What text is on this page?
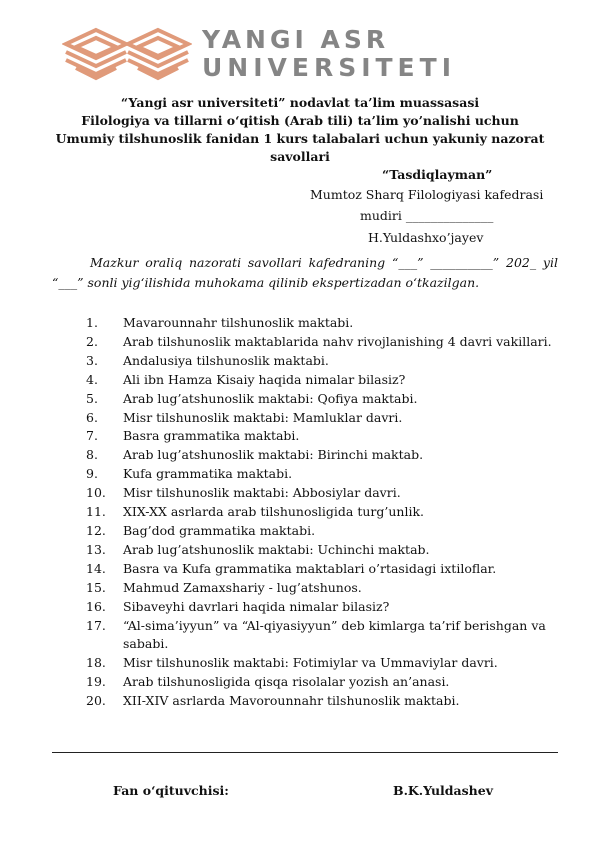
YANGI ASR
UNIVERSITETI
“Yangi asr universiteti” nodavlat ta’lim muassasasi
Filologiya va tillarni o‘qitish (Arab tili) ta’lim yo’nalishi uchun
Umumiy tilshunoslik fanidan 1 kurs talabalari uchun yakuniy nazorat
savollari
“Tasdiqlayman”
Mumtoz Sharq Filologiyasi kafedrasi
mudiri ______________
H.Yuldashxo’jayev
Mazkur oraliq nazorati savollari kafedraning “___” __________” 202_ yil “___” sonli yig‘ilishida muhokama qilinib ekspertizadan o‘tkazilgan.
1. Mavarounnahr tilshunoslik maktabi.
2. Arab tilshunoslik maktablarida nahv rivojlanishing 4 davri vakillari.
3. Andalusiya tilshunoslik maktabi.
4. Ali ibn Hamza Kisaiy haqida nimalar bilasiz?
5. Arab lug’atshunoslik maktabi: Qofiya maktabi.
6. Misr tilshunoslik maktabi: Mamluklar davri.
7. Basra grammatika maktabi.
8. Arab lug’atshunoslik maktabi: Birinchi maktab.
9. Kufa grammatika maktabi.
10. Misr tilshunoslik maktabi: Abbosiylar davri.
11. XIX-XX asrlarda arab tilshunosligida turg’unlik.
12. Bag’dod grammatika maktabi.
13. Arab lug’atshunoslik maktabi: Uchinchi maktab.
14. Basra va Kufa grammatika maktablari o’rtasidagi ixtiloflar.
15. Mahmud Zamaxshariy - lug’atshunos.
16. Sibaveyhi davrlari haqida nimalar bilasiz?
17. “Al-sima’iyyun” va “Al-qiyasiyyun” deb kimlarga ta’rif berishgan va sababi.
18. Misr tilshunoslik maktabi: Fotimiylar va Ummaviylar davri.
19. Arab tilshunosligida qisqa risolalar yozish an’anasi.
20. XII-XIV asrlarda Mavorounnahr tilshunoslik maktabi.
Fan o‘qituvchisi:	B.K.Yuldashev
